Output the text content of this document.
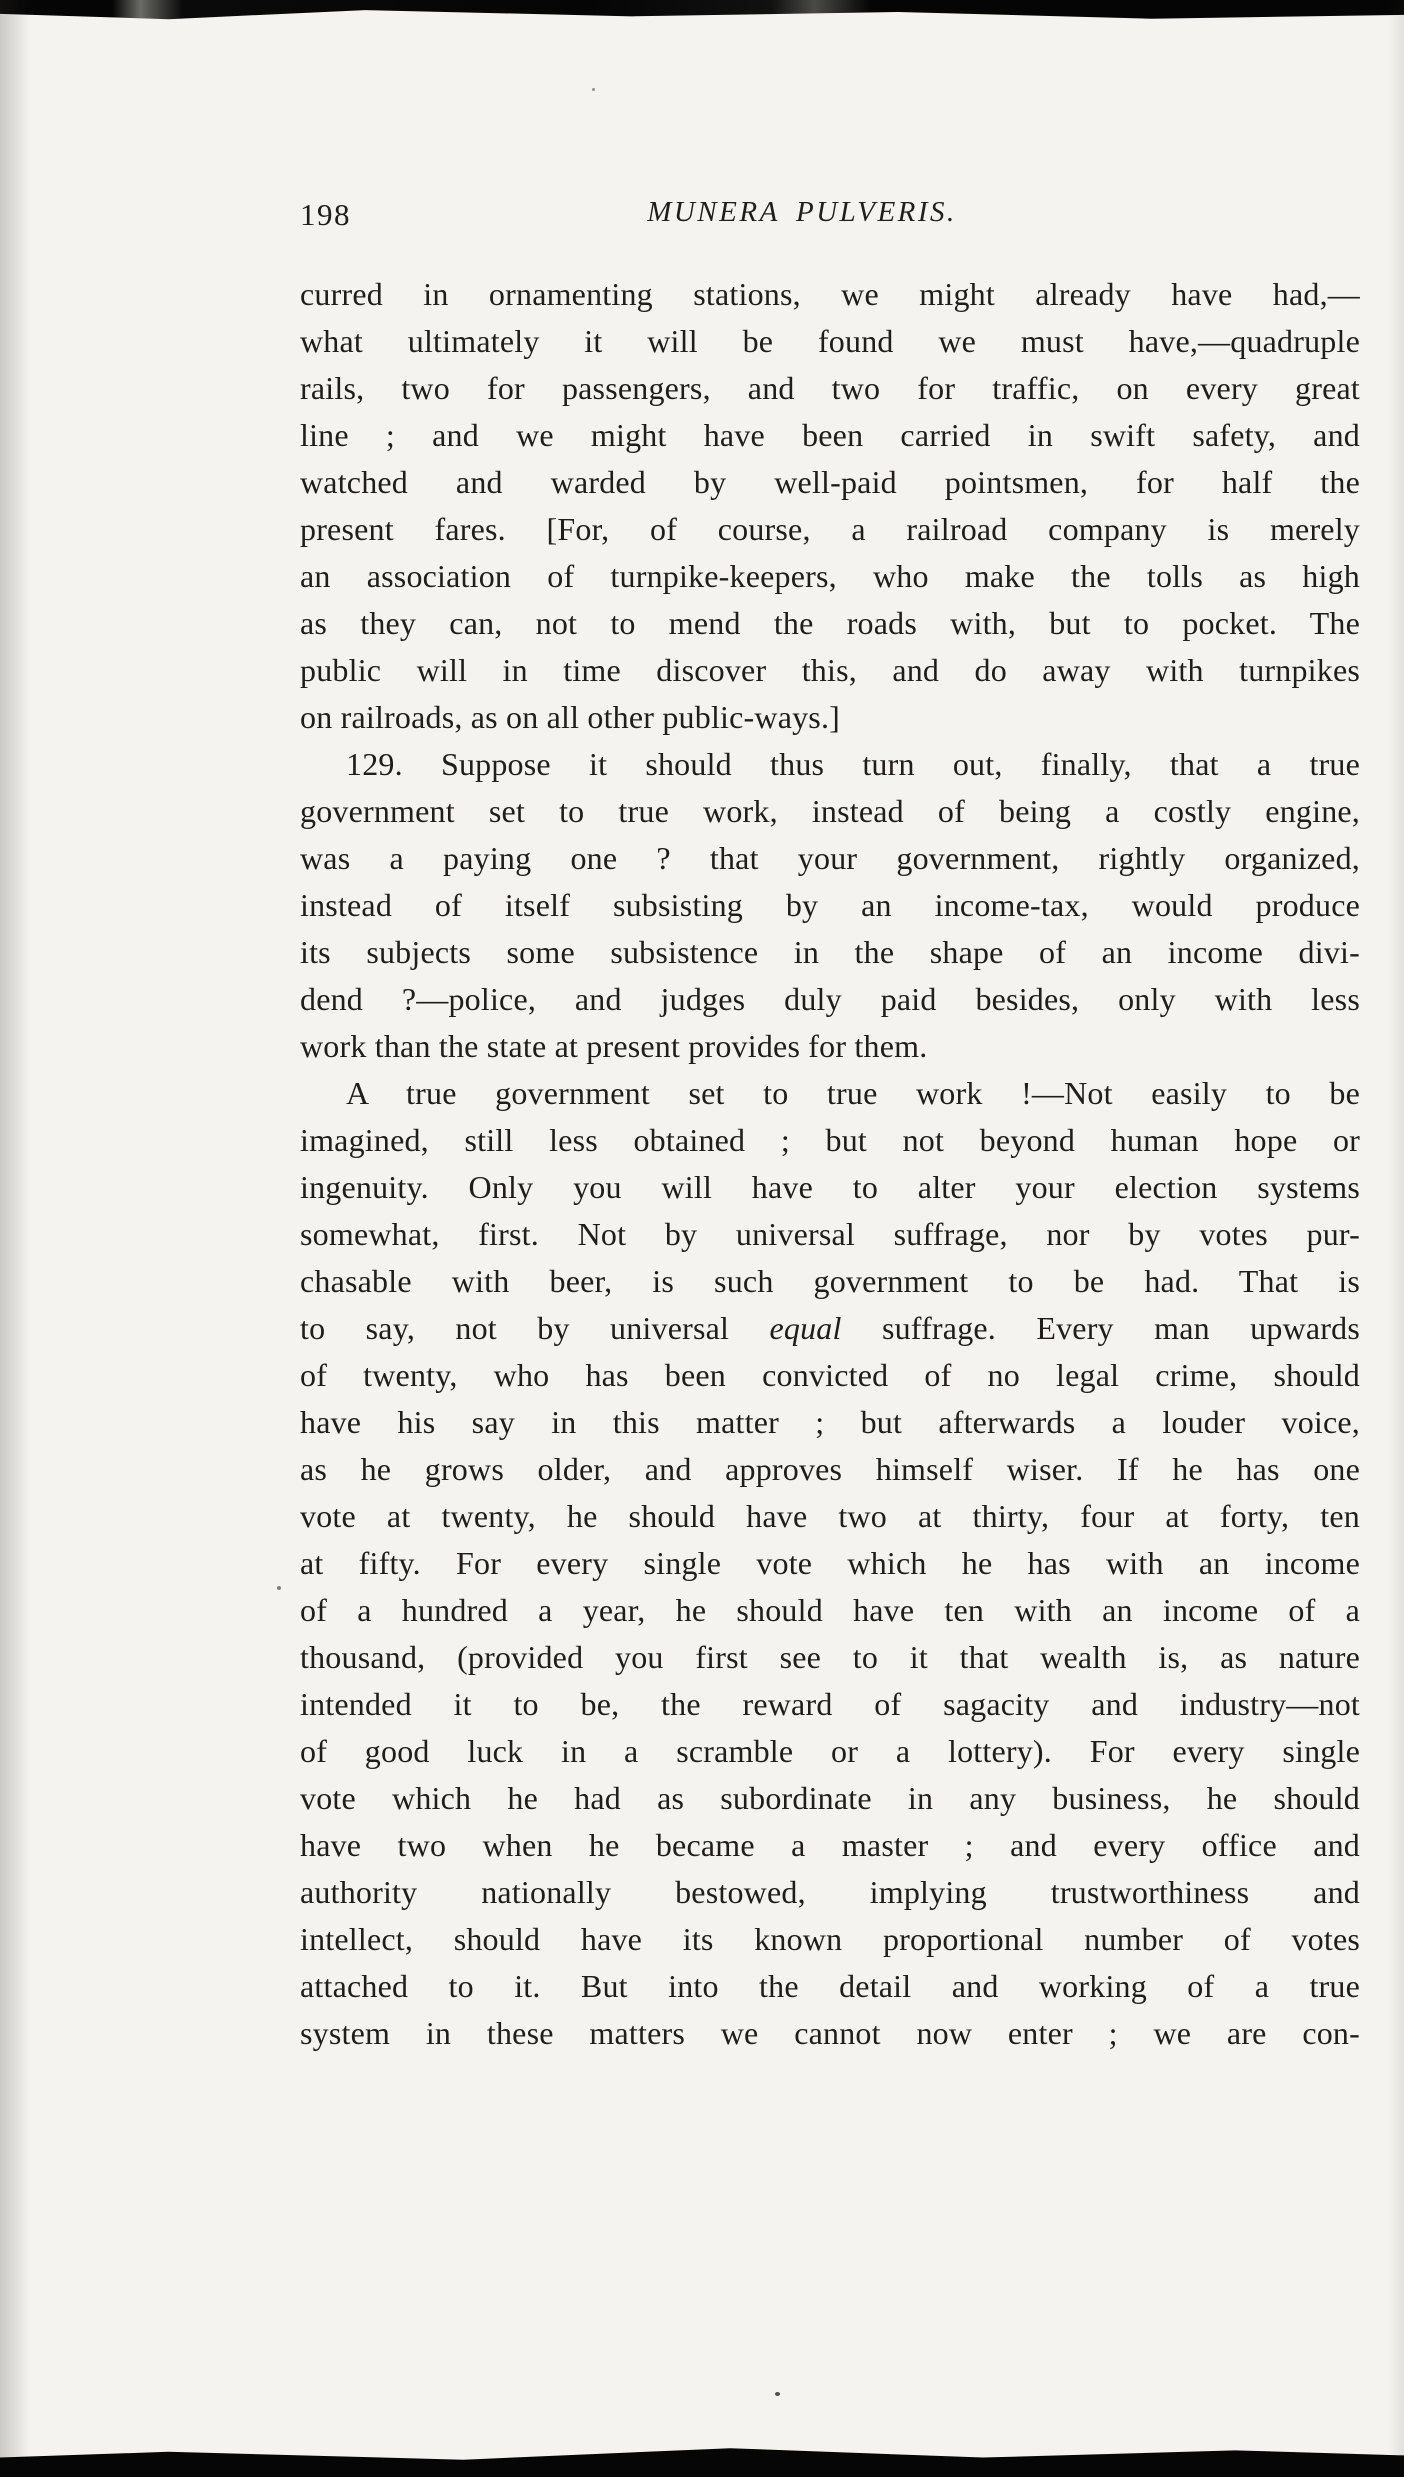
198	MUNERA PULVERIS.
curred in ornamenting stations, we might already have had,—
what ultimately it will be found we must have,—quadruple
rails, two for passengers, and two for traffic, on every great
line ; and we might have been carried in swift safety, and
watched and warded by well-paid pointsmen, for half the
present fares. [For, of course, a railroad company is merely
an association of turnpike-keepers, who make the tolls as high
as they can, not to mend the roads with, but to pocket. The
public will in time discover this, and do away with turnpikes
on railroads, as on all other public-ways.]
129. Suppose it should thus turn out, finally, that a true
government set to true work, instead of being a costly engine,
was a paying one ? that your government, rightly organized,
instead of itself subsisting by an income-tax, would produce
its subjects some subsistence in the shape of an income divi-
dend ?—police, and judges duly paid besides, only with less
work than the state at present provides for them.
A true government set to true work !—Not easily to be
imagined, still less obtained ; but not beyond human hope or
ingenuity. Only you will have to alter your election systems
somewhat, first. Not by universal suffrage, nor by votes pur-
chasable with beer, is such government to be had. That is
to say, not by universal equal suffrage. Every man upwards
of twenty, who has been convicted of no legal crime, should
have his say in this matter ; but afterwards a louder voice,
as he grows older, and approves himself wiser. If he has one
vote at twenty, he should have two at thirty, four at forty, ten
at fifty. For every single vote which he has with an income
of a hundred a year, he should have ten with an income of a
thousand, (provided you first see to it that wealth is, as nature
intended it to be, the reward of sagacity and industry—not
of good luck in a scramble or a lottery). For every single
vote which he had as subordinate in any business, he should
have two when he became a master ; and every office and
authority nationally bestowed, implying trustworthiness and
intellect, should have its known proportional number of votes
attached to it. But into the detail and working of a true
system in these matters we cannot now enter ; we are con-
